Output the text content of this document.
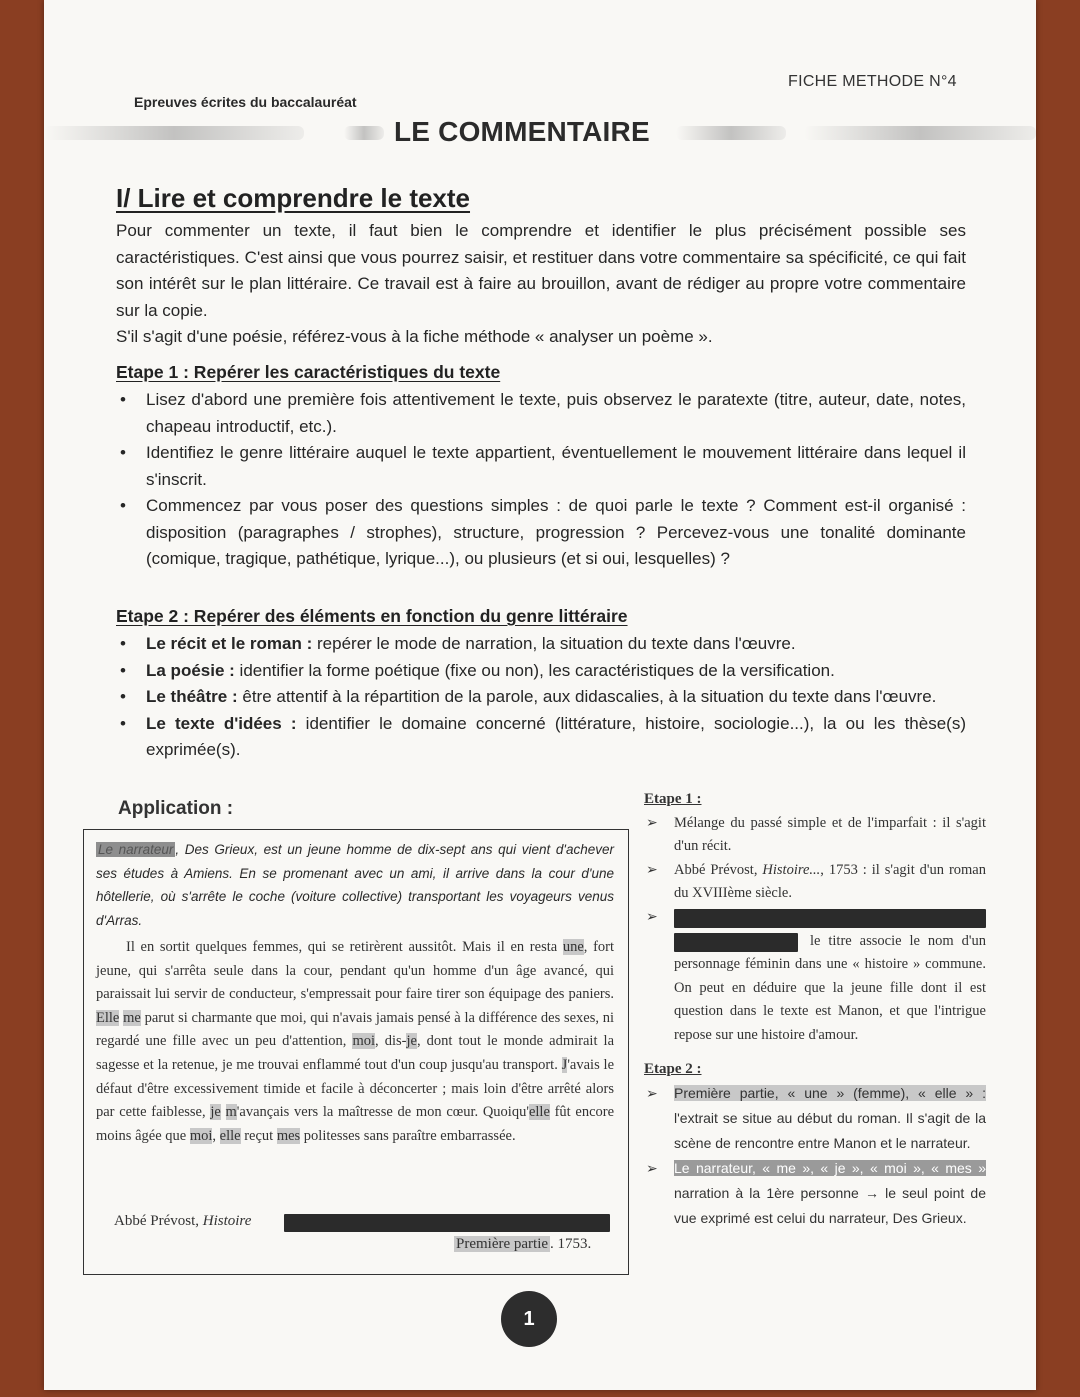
Epreuves écrites du baccalauréat
FICHE METHODE N°4
LE COMMENTAIRE
I/ Lire et comprendre le texte
Pour commenter un texte, il faut bien le comprendre et identifier le plus précisément possible ses caractéristiques. C'est ainsi que vous pourrez saisir, et restituer dans votre commentaire sa spécificité, ce qui fait son intérêt sur le plan littéraire. Ce travail est à faire au brouillon, avant de rédiger au propre votre commentaire sur la copie.
S'il s'agit d'une poésie, référez-vous à la fiche méthode « analyser un poème ».
Etape 1 : Repérer les caractéristiques du texte
• Lisez d'abord une première fois attentivement le texte, puis observez le paratexte (titre, auteur, date, notes, chapeau introductif, etc.).
• Identifiez le genre littéraire auquel le texte appartient, éventuellement le mouvement littéraire dans lequel il s'inscrit.
• Commencez par vous poser des questions simples : de quoi parle le texte ? Comment est-il organisé : disposition (paragraphes / strophes), structure, progression ? Percevez-vous une tonalité dominante (comique, tragique, pathétique, lyrique...), ou plusieurs (et si oui, lesquelles) ?
Etape 2 : Repérer des éléments en fonction du genre littéraire
• Le récit et le roman : repérer le mode de narration, la situation du texte dans l'œuvre.
• La poésie : identifier la forme poétique (fixe ou non), les caractéristiques de la versification.
• Le théâtre : être attentif à la répartition de la parole, aux didascalies, à la situation du texte dans l'œuvre.
• Le texte d'idées : identifier le domaine concerné (littérature, histoire, sociologie...), la ou les thèse(s) exprimée(s).
Application :
Le narrateur , Des Grieux, est un jeune homme de dix-sept ans qui vient d'achever ses études à Amiens. En se promenant avec un ami, il arrive dans la cour d'une hôtellerie, où s'arrête le coche (voiture collective) transportant les voyageurs venus d'Arras.
Il en sortit quelques femmes, qui se retirèrent aussitôt. Mais il en resta une, fort jeune, qui s'arrêta seule dans la cour, pendant qu'un homme d'un âge avancé, qui paraissait lui servir de conducteur, s'empressait pour faire tirer son équipage des paniers. Elle me parut si charmante que moi, qui n'avais jamais pensé à la différence des sexes, ni regardé une fille avec un peu d'attention, moi, dis-je, dont tout le monde admirait la sagesse et la retenue, je me trouvai enflammé tout d'un coup jusqu'au transport. J'avais le défaut d'être excessivement timide et facile à déconcerter ; mais loin d'être arrêté alors par cette faiblesse, je m'avançais vers la maîtresse de mon cœur. Quoiqu'elle fût encore moins âgée que moi, elle reçut mes politesses sans paraître embarrassée.
Abbé Prévost, Histoire
Première partie . 1753.
Etape 1 :
➢ Mélange du passé simple et de l'imparfait : il s'agit d'un récit.
➢ Abbé Prévost, Histoire..., 1753 : il s'agit d'un roman du XVIIIème siècle.
➢
le titre associe le nom d'un personnage féminin dans une « histoire » commune. On peut en déduire que la jeune fille dont il est question dans le texte est Manon, et que l'intrigue repose sur une histoire d'amour.
Etape 2 :
➢ Première partie, « une » (femme), « elle » : l'extrait se situe au début du roman. Il s'agit de la scène de rencontre entre Manon et le narrateur.
➢ Le narrateur, « me », « je », « moi », « mes » narration à la 1ère personne → le seul point de vue exprimé est celui du narrateur, Des Grieux.
1
